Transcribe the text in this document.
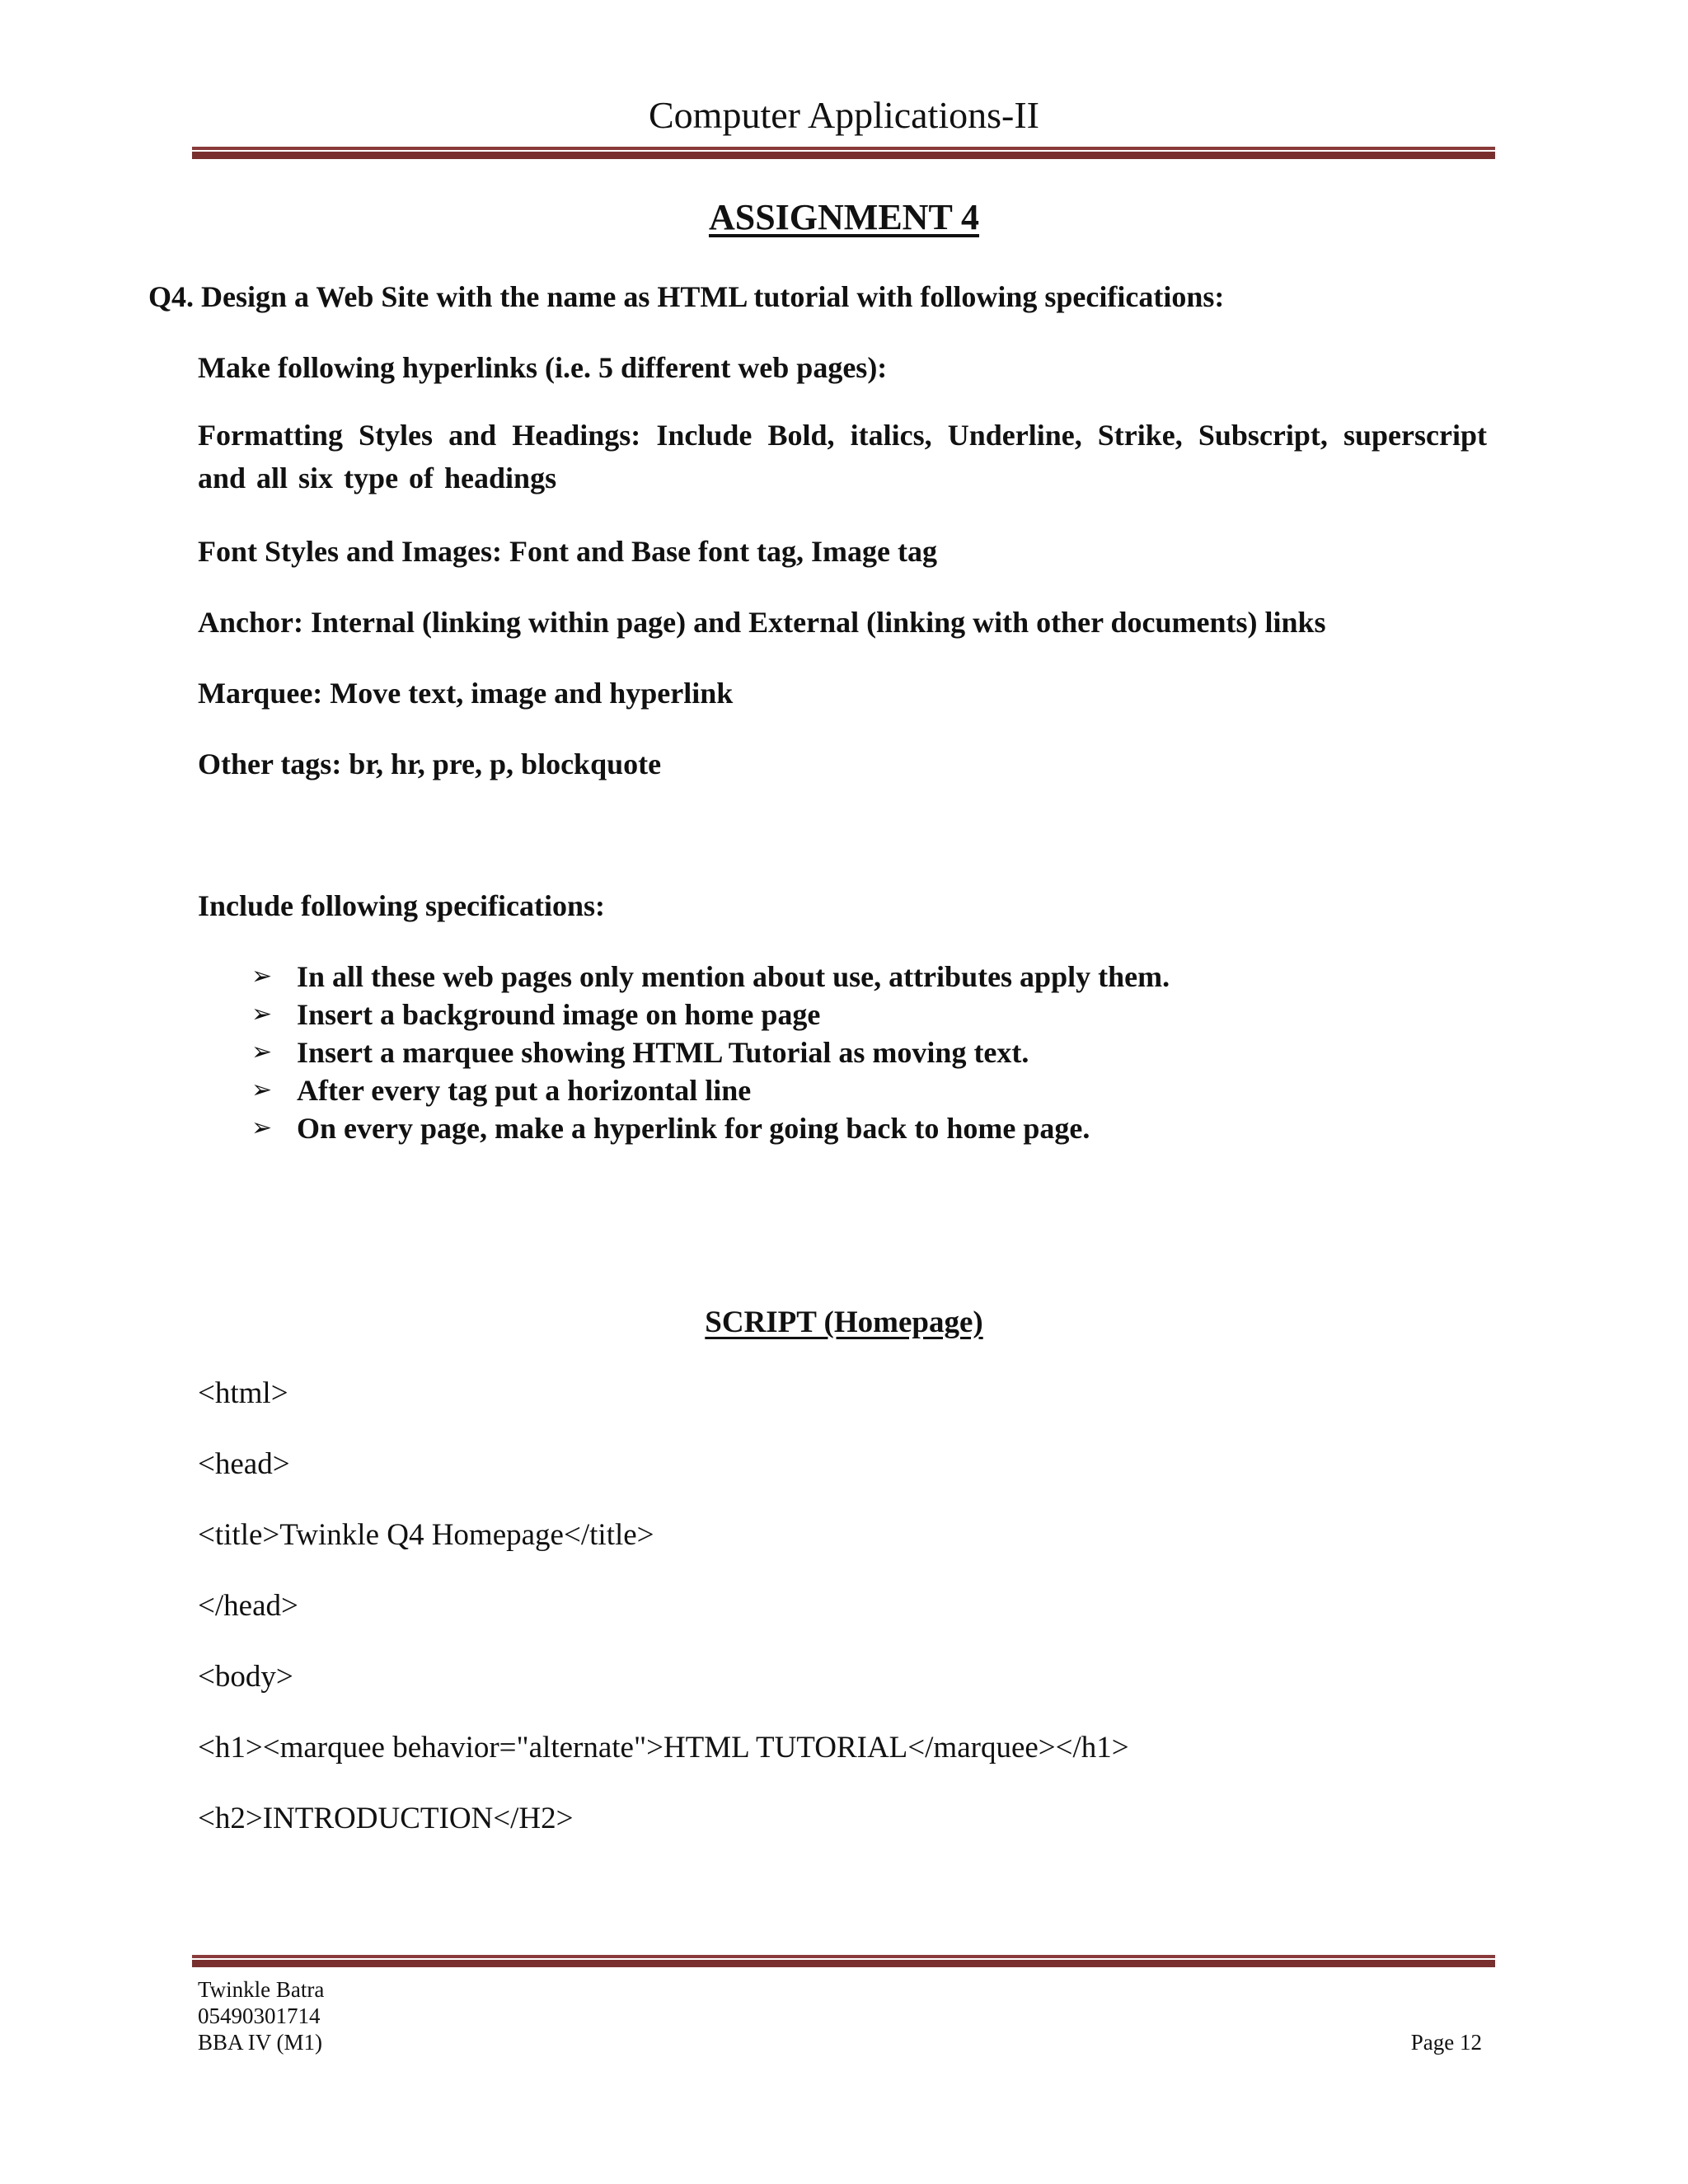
Computer Applications-II
ASSIGNMENT 4
Q4. Design a Web Site with the name as HTML tutorial with following specifications:
Make following hyperlinks (i.e. 5 different web pages):
Formatting Styles and Headings: Include Bold, italics, Underline, Strike, Subscript, superscript and all six type of headings
Font Styles and Images: Font and Base font tag, Image tag
Anchor: Internal (linking within page) and External (linking with other documents) links
Marquee: Move text, image and hyperlink
Other tags: br, hr, pre, p, blockquote
Include following specifications:
➢ In all these web pages only mention about use, attributes apply them.
➢ Insert a background image on home page
➢ Insert a marquee showing HTML Tutorial as moving text.
➢ After every tag put a horizontal line
➢ On every page, make a hyperlink for going back to home page.
SCRIPT (Homepage)
<html>
<head>
<title>Twinkle Q4 Homepage</title>
</head>
<body>
<h1><marquee behavior="alternate">HTML TUTORIAL</marquee></h1>
<h2>INTRODUCTION</H2>
Twinkle Batra
05490301714
BBA IV (M1)	Page 12
